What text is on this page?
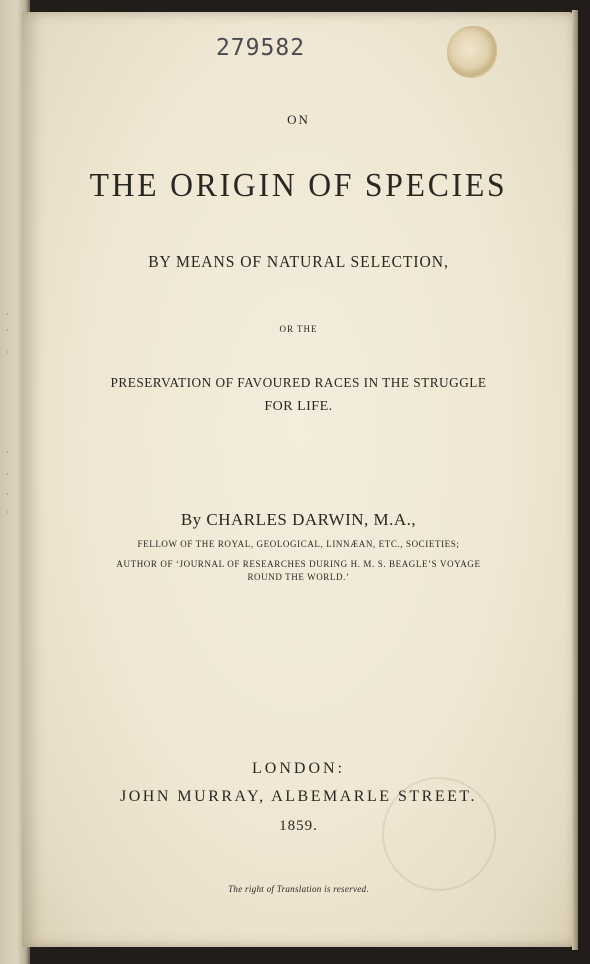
·
·
·
·
·
·
·
279582
ON
THE ORIGIN OF SPECIES
BY MEANS OF NATURAL SELECTION,
OR THE
PRESERVATION OF FAVOURED RACES IN THE STRUGGLE
FOR LIFE.
By CHARLES DARWIN, M.A.,
FELLOW OF THE ROYAL, GEOLOGICAL, LINNÆAN, ETC., SOCIETIES;
AUTHOR OF ‘JOURNAL OF RESEARCHES DURING H. M. S. BEAGLE’S VOYAGE
ROUND THE WORLD.’
LONDON:
JOHN MURRAY, ALBEMARLE STREET.
1859.
The right of Translation is reserved.
